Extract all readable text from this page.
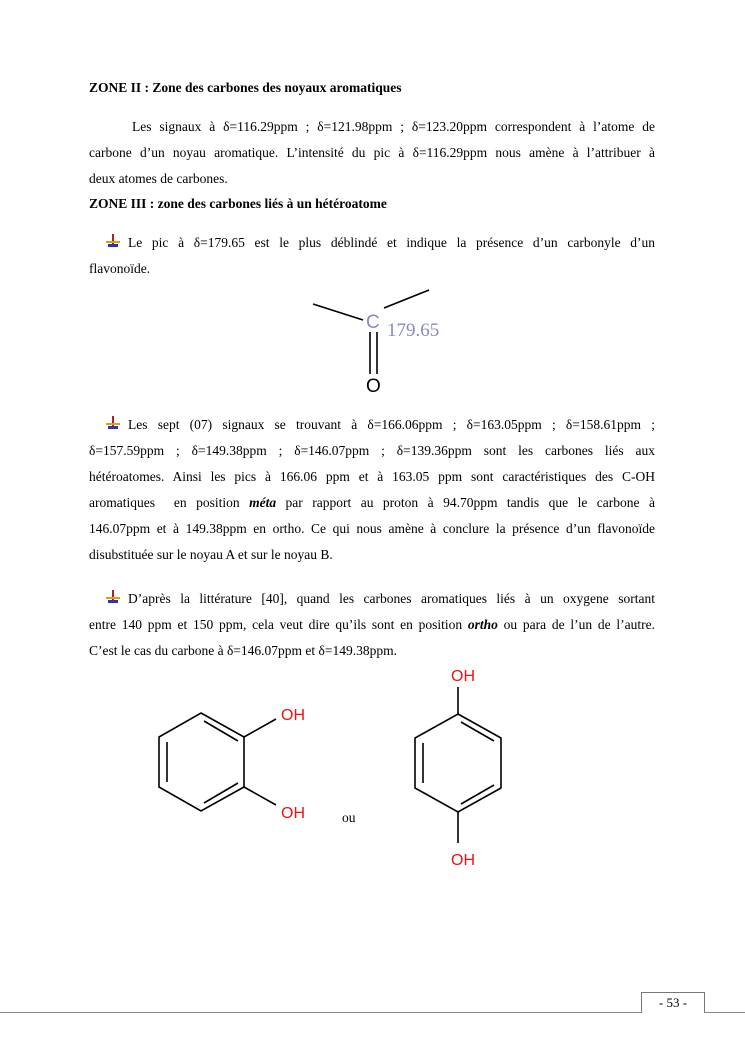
ZONE II : Zone des carbones des noyaux aromatiques
Les signaux à δ=116.29ppm ; δ=121.98ppm ; δ=123.20ppm correspondent à l’atome de
carbone d’un noyau aromatique. L’intensité du pic à δ=116.29ppm nous amène à l’attribuer à
deux atomes de carbones.
ZONE III : zone des carbones liés à un hétéroatome
Le pic à δ=179.65 est le plus déblindé et indique la présence d’un carbonyle d’un
flavonoïde.
C 179.65
O
Les sept (07) signaux se trouvant à δ=166.06ppm ; δ=163.05ppm ; δ=158.61ppm ;
δ=157.59ppm ; δ=149.38ppm ; δ=146.07ppm ; δ=139.36ppm sont les carbones liés aux
hétéroatomes. Ainsi les pics à 166.06 ppm et à 163.05 ppm sont caractéristiques des C-OH
aromatiques  en position méta par rapport au proton à 94.70ppm tandis que le carbone à
146.07ppm et à 149.38ppm en ortho. Ce qui nous amène à conclure la présence d’un flavonoïde
disubstituée sur le noyau A et sur le noyau B.
D’après la littérature [40], quand les carbones aromatiques liés à un oxygene sortant
entre 140 ppm et 150 ppm, cela veut dire qu’ils sont en position ortho ou para de l’un de l’autre.
C’est le cas du carbone à δ=146.07ppm et δ=149.38ppm.
OH
OH	ou
OH
OH
- 53 -
